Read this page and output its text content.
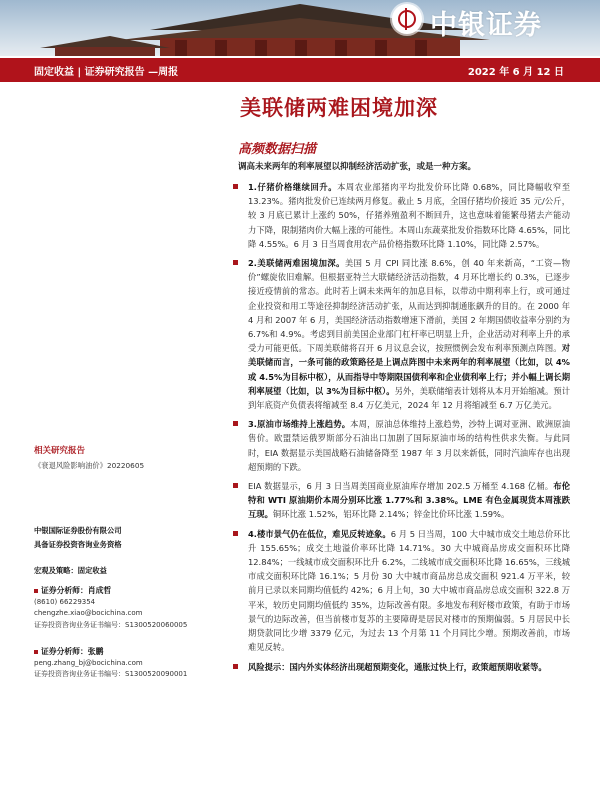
中银证券
固定收益 | 证券研究报告 —周报	2022 年 6 月 12 日
美联储两难困境加深
高频数据扫描
调高未来两年的利率展望以抑制经济活动扩张，或是一种方案。
1.仔猪价格继续回升。本周农业部猪肉平均批发价环比降 0.68%，同比降幅收窄至 13.23%。猪肉批发价已连续两月修复。截止 5 月底，全国仔猪均价接近 35 元/公斤，较 3 月底已累计上涨约 50%，仔猪养殖盈利不断回升，这也意味着能繁母猪去产能动力下降，限制猪肉价大幅上涨的可能性。本周山东蔬菜批发价指数环比降 4.65%，同比降 4.55%。6 月 3 日当周食用农产品价格指数环比降 1.10%，同比降 2.57%。
2.美联储两难困境加深。美国 5 月 CPI 同比涨 8.6%，创 40 年来新高，“工资—物价”螺旋依旧难解。但根据亚特兰大联储经济活动指数，4 月环比增长约 0.3%，已逐步接近疫情前的常态。此时若上调未来两年的加息目标，以带动中期利率上行，或可通过企业投资和用工等途径抑制经济活动扩张，从而达到抑制通胀飙升的目的。在 2000 年 4 月和 2007 年 6 月，美国经济活动指数增速下滑前，美国 2 年期国债收益率分别约为 6.7%和 4.9%。考虑到目前美国企业部门杠杆率已明显上升，企业活动对利率上升的承受力可能更低。下周美联储将召开 6 月议息会议，按照惯例会发布利率预测点阵图。对美联储而言，一条可能的政策路径是上调点阵图中未来两年的利率展望（比如，以 4%或 4.5%为目标中枢），从而指导中等期限国债利率和企业债利率上行；并小幅上调长期利率展望（比如，以 3%为目标中枢）。另外，美联储缩表计划将从本月开始缩减。预计到年底资产负债表将缩减至 8.4 万亿美元，2024 年 12 月将缩减至 6.7 万亿美元。
3.原油市场维持上涨趋势。本周，原油总体维持上涨趋势，沙特上调对亚洲、欧洲原油售价。欧盟禁运俄罗斯部分石油出口加剧了国际原油市场的结构性供求失衡。与此同时，EIA 数据显示美国战略石油储备降至 1987 年 3 月以来新低，同时汽油库存也出现超预期的下跌。
EIA 数据显示，6 月 3 日当周美国商业原油库存增加 202.5 万桶至 4.168 亿桶。布伦特和 WTI 原油期价本周分别环比涨 1.77%和 3.38%。LME 有色金属现货本周涨跌互现。铜环比涨 1.52%，铝环比降 2.14%；锌金比价环比涨 1.59%。
4.楼市景气仍在低位，难见反转迹象。6 月 5 日当周，100 大中城市成交土地总价环比升 155.65%；成交土地溢价率环比降 14.71%。30 大中城商品房成交面积环比降 12.84%；一线城市成交面积环比升 6.2%，二线城市成交面积环比降 16.65%，三线城市成交面积环比降 16.1%；5 月份 30 大中城市商品房总成交面积 921.4 万平米，较前月已录以来同期均值低约 42%；6 月上旬，30 大中城市商品房总成交面积 322.8 万平米，较历史同期均值低约 35%，边际改善有限。多地发布利好楼市政策，有助于市场景气的边际改善，但当前楼市复苏的主要障碍是居民对楼市的预期偏弱。5 月居民中长期贷款同比少增 3379 亿元，为过去 13 个月第 11 个月同比少增。预期改善前，市场难见反转。
风险提示：国内外实体经济出现超预期变化，通胀过快上行，政策超预期收紧等。
相关研究报告
《衰退风险影响油价》20220605
中银国际证券股份有限公司
具备证券投资咨询业务资格
宏观及策略：固定收益
证券分析师：肖成哲
(8610) 66229354
chengzhe.xiao@bocichina.com
证券投资咨询业务证书编号：S1300520060005
证券分析师：张鹏
peng.zhang_bj@bocichina.com
证券投资咨询业务证书编号：S1300520090001
